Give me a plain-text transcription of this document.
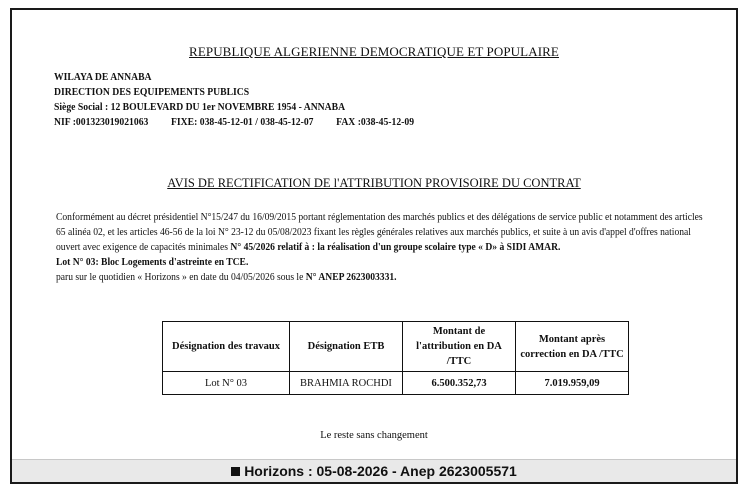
REPUBLIQUE ALGERIENNE DEMOCRATIQUE ET POPULAIRE
WILAYA DE ANNABA
DIRECTION DES EQUIPEMENTS PUBLICS
Siège Social : 12 BOULEVARD DU 1er NOVEMBRE 1954 - ANNABA
NIF :001323019021063 FIXE: 038-45-12-01 / 038-45-12-07 FAX :038-45-12-09
AVIS DE RECTIFICATION DE l'ATTRIBUTION PROVISOIRE DU CONTRAT

Conformément au décret présidentiel N°15/247 du 16/09/2015 portant réglementation des marchés publics et des délégations de service public et notamment des articles 65 alinéa 02, et les articles 46-56 de la loi N° 23-12 du 05/08/2023 fixant les règles générales relatives aux marchés publics, et suite à un avis d'appel d'offres national ouvert avec exigence de capacités minimales N° 45/2026 relatif à : la réalisation d'un groupe scolaire type « D» à SIDI AMAR.

Lot N° 03: Bloc Logements d'astreinte en TCE.

paru sur le quotidien « Horizons » en date du 04/05/2026 sous le N° ANEP 2623003331.

Désignation des travaux	Désignation ETB	Montant de l'attribution en DA /TTC	Montant après correction en DA /TTC
Lot N° 03	BRAHMIA ROCHDI	6.500.352,73	7.019.959,09
Le reste sans changement
Horizons : 05-08-2026 - Anep 2623005571
